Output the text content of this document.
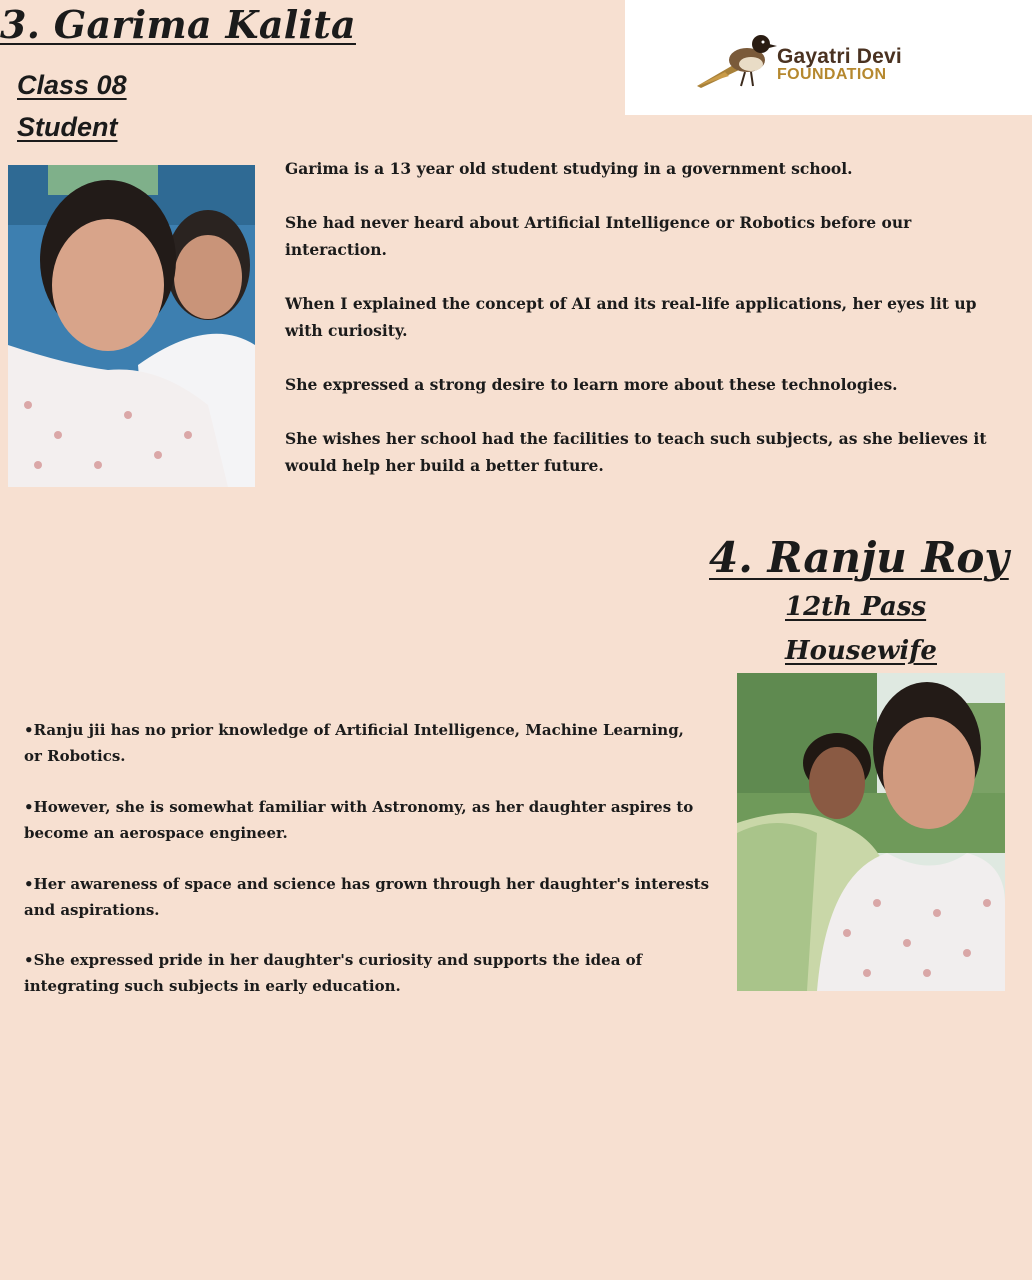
3. Garima Kalita

Class 08

Student

Gayatri Devi
FOUNDATION

Garima is a 13 year old student studying in a government school.

She had never heard about Artificial Intelligence or Robotics before our interaction.

When I explained the concept of AI and its real-life applications, her eyes lit up with curiosity.

She expressed a strong desire to learn more about these technologies.

She wishes her school had the facilities to teach such subjects, as she believes it would help her build a better future.

4. Ranju Roy

12th Pass

Housewife

•Ranju jii has no prior knowledge of Artificial Intelligence, Machine Learning, or Robotics.

•However, she is somewhat familiar with Astronomy, as her daughter aspires to become an aerospace engineer.

•Her awareness of space and science has grown through her daughter's interests and aspirations.

•She expressed pride in her daughter's curiosity and supports the idea of integrating such subjects in early education.
